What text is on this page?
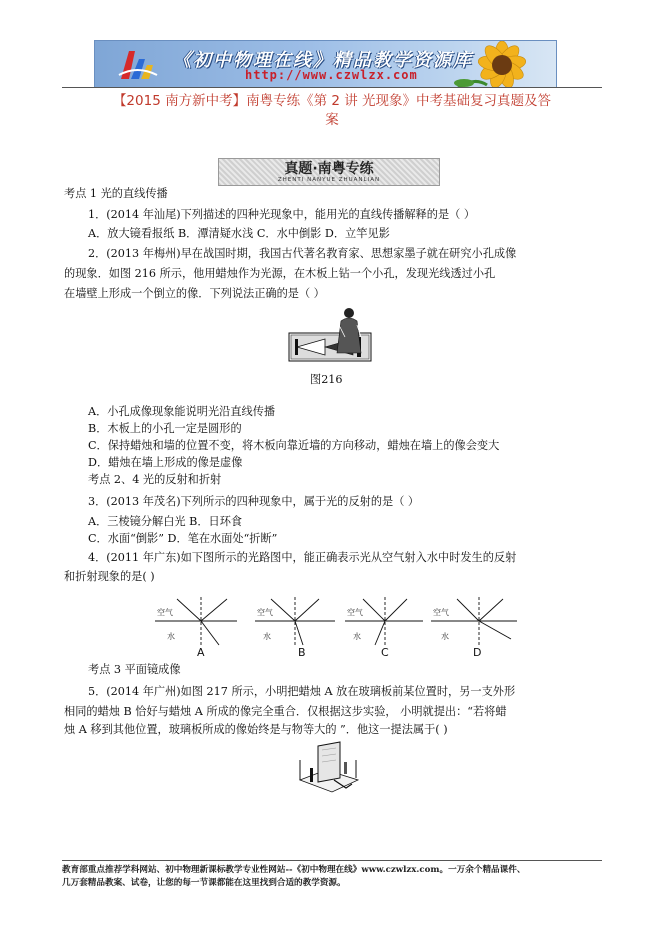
《初中物理在线》精品教学资源库
http://www.czwlzx.com
【2015 南方新中考】南粤专练《第 2 讲 光现象》中考基础复习真题及答
案
真题·南粤专练
ZHENTI NANYUE ZHUANLIAN
考点 1 光的直线传播
1．(2014 年汕尾)下列描述的四种光现象中，能用光的直线传播解释的是（ ）
A．放大镜看报纸 B．潭清疑水浅 C．水中倒影 D．立竿见影
2．(2013 年梅州)早在战国时期，我国古代著名教育家、思想家墨子就在研究小孔成像
的现象．如图 216 所示，他用蜡烛作为光源，在木板上钻一个小孔，发现光线透过小孔
在墙壁上形成一个倒立的像．下列说法正确的是（ ）
图216
A．小孔成像现象能说明光沿直线传播
B．木板上的小孔一定是圆形的
C．保持蜡烛和墙的位置不变，将木板向靠近墙的方向移动，蜡烛在墙上的像会变大
D．蜡烛在墙上形成的像是虚像
考点 2、4 光的反射和折射
3．(2013 年茂名)下列所示的四种现象中，属于光的反射的是（ ）
A．三棱镜分解白光 B．日环食
C．水面“倒影” D．笔在水面处“折断”
4．(2011 年广东)如下图所示的光路图中，能正确表示光从空气射入水中时发生的反射
和折射现象的是( )
空气
水
空气
水
空气
水
空气
水
A	B	C	D
考点 3 平面镜成像
5．(2014 年广州)如图 217 所示，小明把蜡烛 A 放在玻璃板前某位置时，另一支外形
相同的蜡烛 B 恰好与蜡烛 A 所成的像完全重合．仅根据这步实验， 小明就提出：“若将蜡
烛 A 移到其他位置，玻璃板所成的像始终是与物等大的 ”．他这一提法属于( )
教育部重点推荐学科网站、初中物理新课标教学专业性网站--《初中物理在线》www.czwlzx.com。一万余个精品课件、
几万套精品教案、试卷，让您的每一节课都能在这里找到合适的教学资源。
